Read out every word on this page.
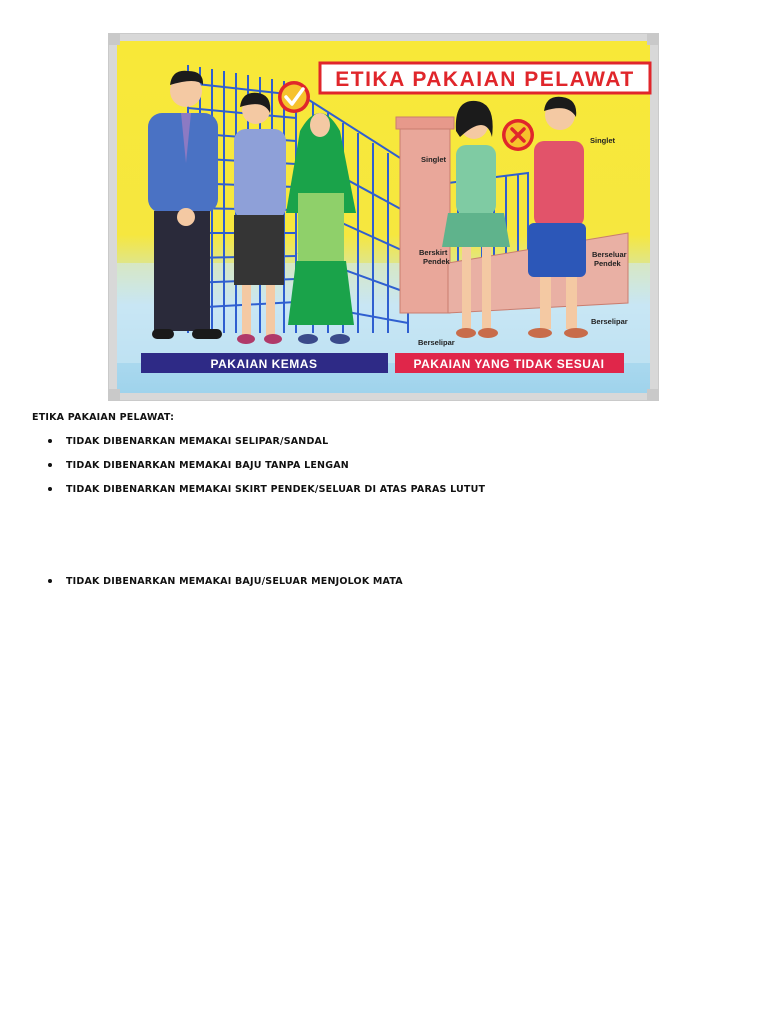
ETIKA PAKAIAN PELAWAT
Singlet
Singlet
Berskirt
Pendek
Berseluar
Pendek
Berselipar
Berselipar
PAKAIAN KEMAS	PAKAIAN YANG TIDAK SESUAI

ETIKA PAKAIAN PELAWAT:

TIDAK DIBENARKAN MEMAKAI SELIPAR/SANDAL
TIDAK DIBENARKAN MEMAKAI BAJU TANPA LENGAN
TIDAK DIBENARKAN MEMAKAI SKIRT PENDEK/SELUAR DI ATAS PARAS LUTUT
TIDAK DIBENARKAN MEMAKAI BAJU/SELUAR MENJOLOK MATA
